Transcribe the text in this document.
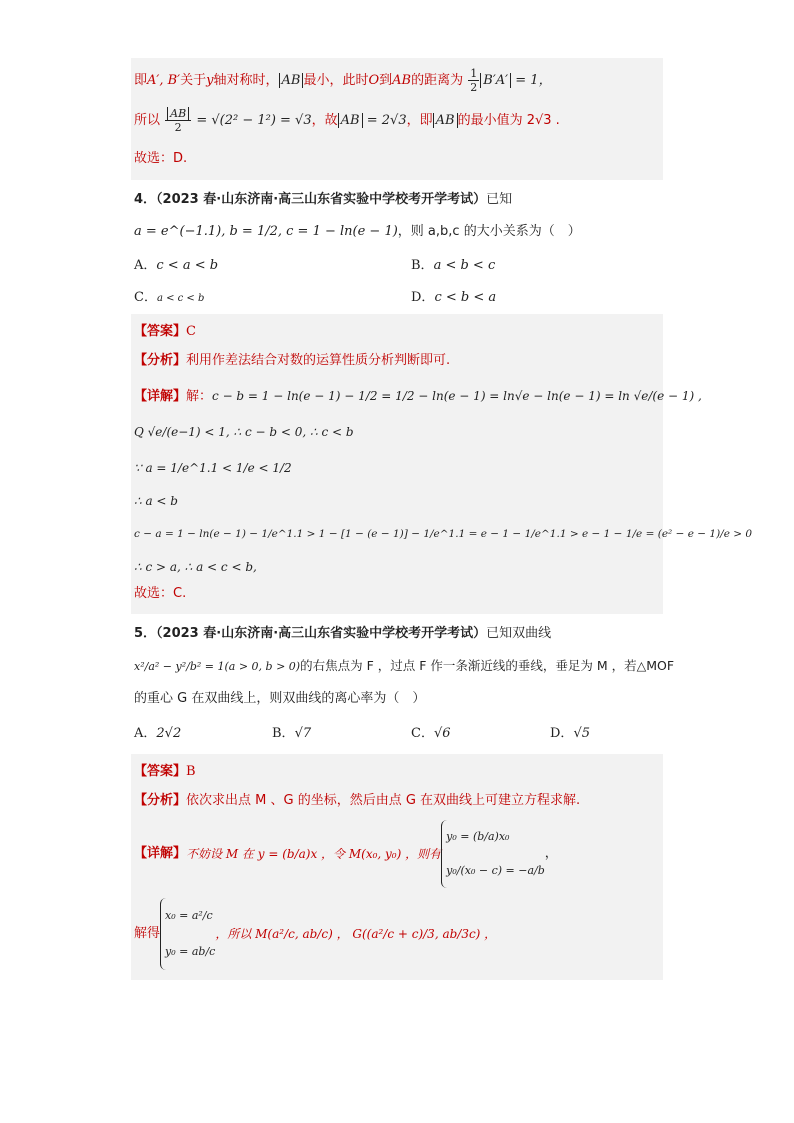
即A′, B′关于y轴对称时， AB 最小，此时O到AB的距离为 $\frac{1}{2} B'A' = 1$，
所以 $\frac{AB}{2} = √(2^2 - 1^2) = √3$，故 AB = 2√3，即 AB 的最小值为 2√3 .
故选：D.
4．（2023 春·山东济南·高三山东省实验中学校考开学考试）已知
a = e^(−1.1), b = 1/2, c = 1 − ln(e − 1)，则 a,b,c 的大小关系为（　）
A．c < a < b	B．a < b < c
C．a < c < b	D．c < b < a
【答案】C
【分析】利用作差法结合对数的运算性质分析判断即可.
【详解】解：c − b = 1 − ln(e − 1) − 1/2 = 1/2 − ln(e − 1) = ln√e − ln(e − 1) = ln √e/(e − 1) ,
Q √e/(e−1) < 1, ∴ c − b < 0, ∴ c < b
∵ a = 1/e^1.1 < 1/e < 1/2
∴ a < b
c − a = 1 − ln(e − 1) − 1/e^1.1 > 1 − [1 − (e − 1)] − 1/e^1.1 = e − 1 − 1/e^1.1 > e − 1 − 1/e = (e² − e − 1)/e > 0
∴ c > a, ∴ a < c < b,
故选：C.
5．（2023 春·山东济南·高三山东省实验中学校考开学考试）已知双曲线
x²/a² − y²/b² = 1(a > 0, b > 0)的右焦点为 F ，过点 F 作一条渐近线的垂线，垂足为 M ，若△MOF
的重心 G 在双曲线上，则双曲线的离心率为（　）
A．2√2	B．√7	C．√6	D．√5
【答案】B
【分析】依次求出点 M 、G 的坐标，然后由点 G 在双曲线上可建立方程求解.
【详解】 不妨设 M 在 y = (b/a)x ，令 M(x₀, y₀) ，则有
y₀ = (b/a)x₀
y₀/(x₀ − c) = −a/b
，
解得
x₀ = a²/c
y₀ = ab/c
，所以 M(a²/c, ab/c) ， G((a²/c + c)/3, ab/3c) ，
